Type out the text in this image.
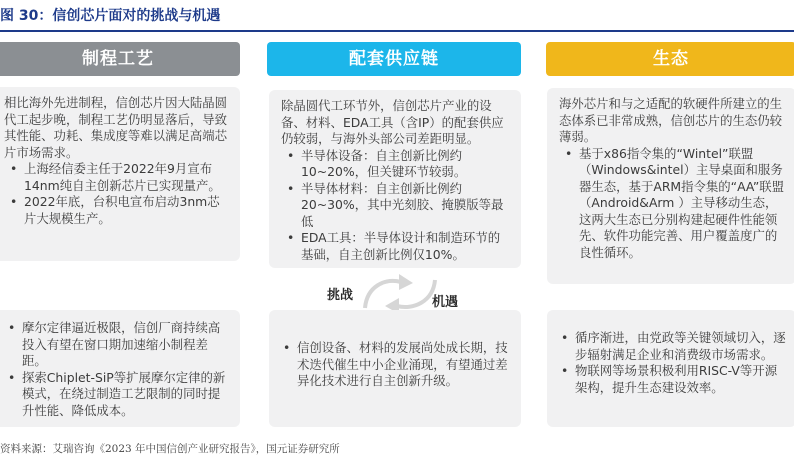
图 30：信创芯片面对的挑战与机遇
制程工艺	配套供应链	生态

相比海外先进制程，信创芯片因大陆晶圆代工起步晚，制程工艺仍明显落后，导致其性能、功耗、集成度等难以满足高端芯片市场需求。

• 上海经信委主任于2022年9月宣布14nm纯自主创新芯片已实现量产。
• 2022年底，台积电宣布启动3nm芯片大规模生产。

除晶圆代工环节外，信创芯片产业的设备、材料、EDA工具（含IP）的配套供应仍较弱，与海外头部公司差距明显。

• 半导体设备：自主创新比例约10~20%，但关键环节较弱。
• 半导体材料：自主创新比例约20~30%，其中光刻胶、掩膜版等最低
• EDA工具：半导体设计和制造环节的基础，自主创新比例仅10%。

海外芯片和与之适配的软硬件所建立的生态体系已非常成熟，信创芯片的生态仍较薄弱。

• 基于x86指令集的“Wintel”联盟（Windows&intel）主导桌面和服务器生态，基于ARM指令集的“AA”联盟（Android&Arm ）主导移动生态，这两大生态已分别构建起硬件性能领先、软件功能完善、用户覆盖度广的良性循环。
挑战	机遇
• 摩尔定律逼近极限，信创厂商持续高投入有望在窗口期加速缩小制程差距。
• 探索Chiplet-SiP等扩展摩尔定律的新模式，在绕过制造工艺限制的同时提升性能、降低成本。
• 信创设备、材料的发展尚处成长期，技术迭代催生中小企业涌现，有望通过差异化技术进行自主创新升级。
• 循序渐进，由党政等关键领域切入，逐步辐射满足企业和消费级市场需求。
• 物联网等场景积极利用RISC-V等开源架构，提升生态建设效率。
资料来源：艾瑞咨询《2023 年中国信创产业研究报告》，国元证券研究所
